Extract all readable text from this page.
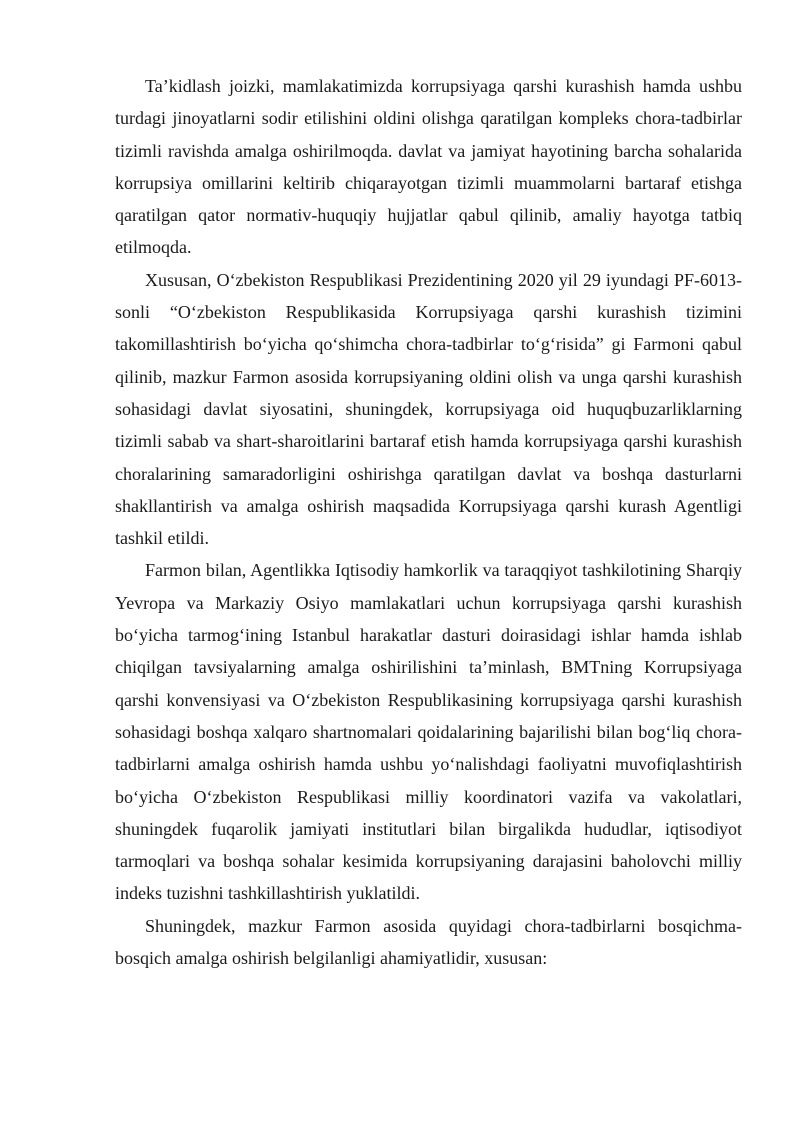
Ta’kidlash joizki, mamlakatimizda korrupsiyaga qarshi kurashish hamda ushbu turdagi jinoyatlarni sodir etilishini oldini olishga qaratilgan kompleks chora-tadbirlar tizimli ravishda amalga oshirilmoqda. davlat va jamiyat hayotining barcha sohalarida korrupsiya omillarini keltirib chiqarayotgan tizimli muammolarni bartaraf etishga qaratilgan qator normativ-huquqiy hujjatlar qabul qilinib, amaliy hayotga tatbiq etilmoqda.

Xususan, O‘zbekiston Respublikasi Prezidentining 2020 yil 29 iyundagi PF-6013-sonli “O‘zbekiston Respublikasida Korrupsiyaga qarshi kurashish tizimini takomillashtirish bo‘yicha qo‘shimcha chora-tadbirlar to‘g‘risida” gi Farmoni qabul qilinib, mazkur Farmon asosida korrupsiyaning oldini olish va unga qarshi kurashish sohasidagi davlat siyosatini, shuningdek, korrupsiyaga oid huquqbuzarliklarning tizimli sabab va shart-sharoitlarini bartaraf etish hamda korrupsiyaga qarshi kurashish choralarining samaradorligini oshirishga qaratilgan davlat va boshqa dasturlarni shakllantirish va amalga oshirish maqsadida Korrupsiyaga qarshi kurash Agentligi tashkil etildi.

Farmon bilan, Agentlikka Iqtisodiy hamkorlik va taraqqiyot tashkilotining Sharqiy Yevropa va Markaziy Osiyo mamlakatlari uchun korrupsiyaga qarshi kurashish bo‘yicha tarmog‘ining Istanbul harakatlar dasturi doirasidagi ishlar hamda ishlab chiqilgan tavsiyalarning amalga oshirilishini ta’minlash, BMTning Korrupsiyaga qarshi konvensiyasi va O‘zbekiston Respublikasining korrupsiyaga qarshi kurashish sohasidagi boshqa xalqaro shartnomalari qoidalarining bajarilishi bilan bog‘liq chora-tadbirlarni amalga oshirish hamda ushbu yo‘nalishdagi faoliyatni muvofiqlashtirish bo‘yicha O‘zbekiston Respublikasi milliy koordinatori vazifa va vakolatlari, shuningdek fuqarolik jamiyati institutlari bilan birgalikda hududlar, iqtisodiyot tarmoqlari va boshqa sohalar kesimida korrupsiyaning darajasini baholovchi milliy indeks tuzishni tashkillashtirish yuklatildi.

Shuningdek, mazkur Farmon asosida quyidagi chora-tadbirlarni bosqichma-bosqich amalga oshirish belgilanligi ahamiyatlidir, xususan:
